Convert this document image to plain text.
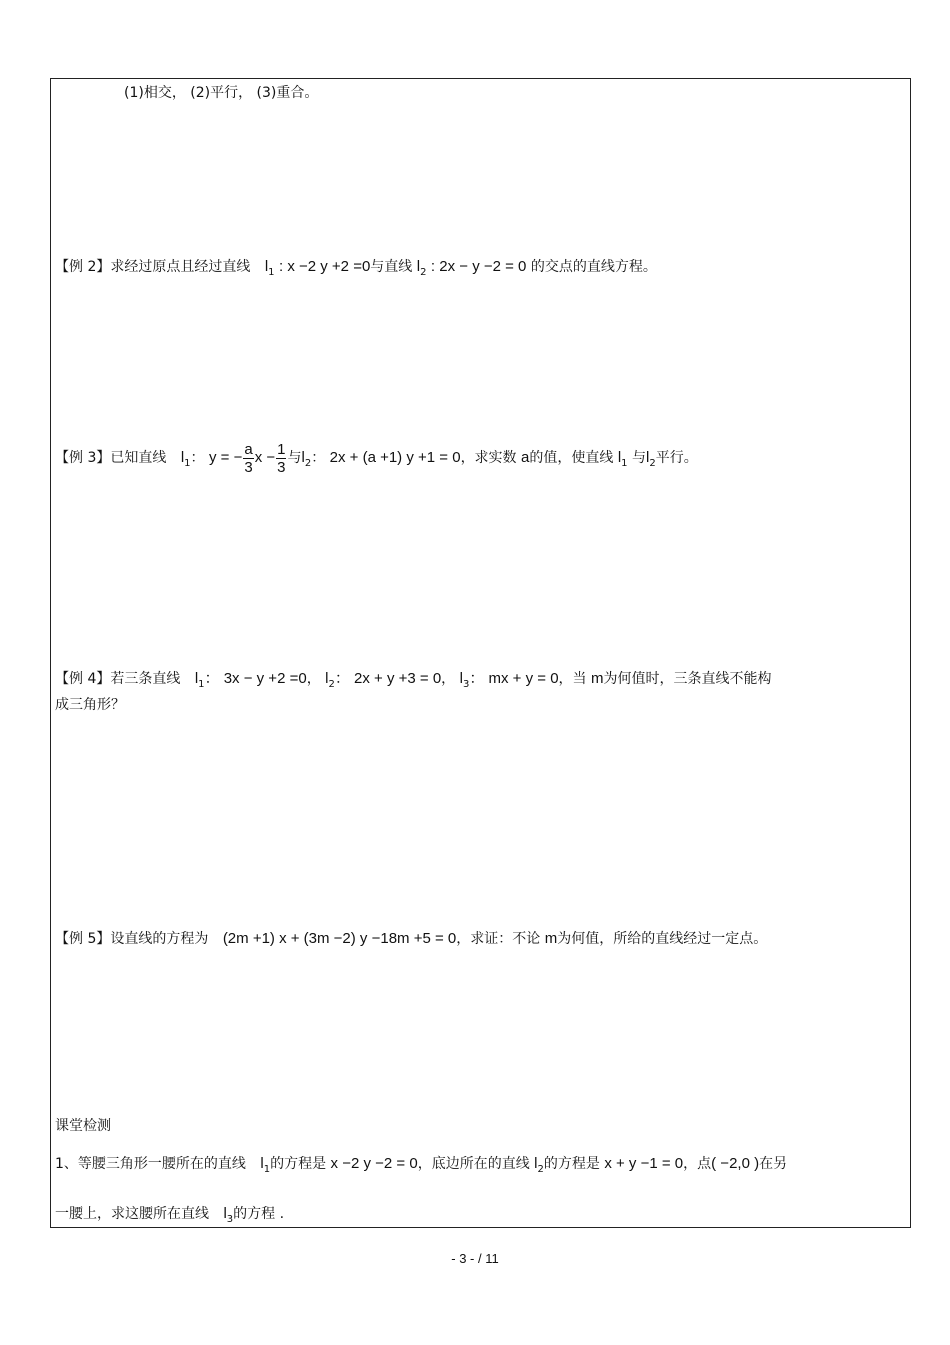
(1)相交， (2)平行， (3)重合。
【例 2】求经过原点且经过直线 $l_1$ : x −2 y +2 =0与直线 $l_2$ : 2x − y −2 = 0 的交点的直线方程。
【例 3】已知直线 $l_1$： y = − $\frac{a}{3}$ $x - \frac{1}{3}$ 与$l_2$： 2x + (a +1) y +1 = 0，求实数 a的值，使直线 $l_1$ 与$l_2$平行。
【例 4】若三条直线 $l_1$： 3x − y +2 =0， $l_2$： 2x + y +3 = 0， $l_3$： mx + y = 0，当 m为何值时，三条直线不能构
成三角形？
【例 5】设直线的方程为 (2m +1) x + (3m −2) y −18m +5 = 0，求证：不论 m为何值，所给的直线经过一定点。
课堂检测
1、等腰三角形一腰所在的直线 $l_1$的方程是 x −2 y −2 = 0，底边所在的直线 $l_2$的方程是 x + y −1 = 0，点( −2,0 )在另
一腰上，求这腰所在直线 $l_3$的方程 .
- 3 - / 11
